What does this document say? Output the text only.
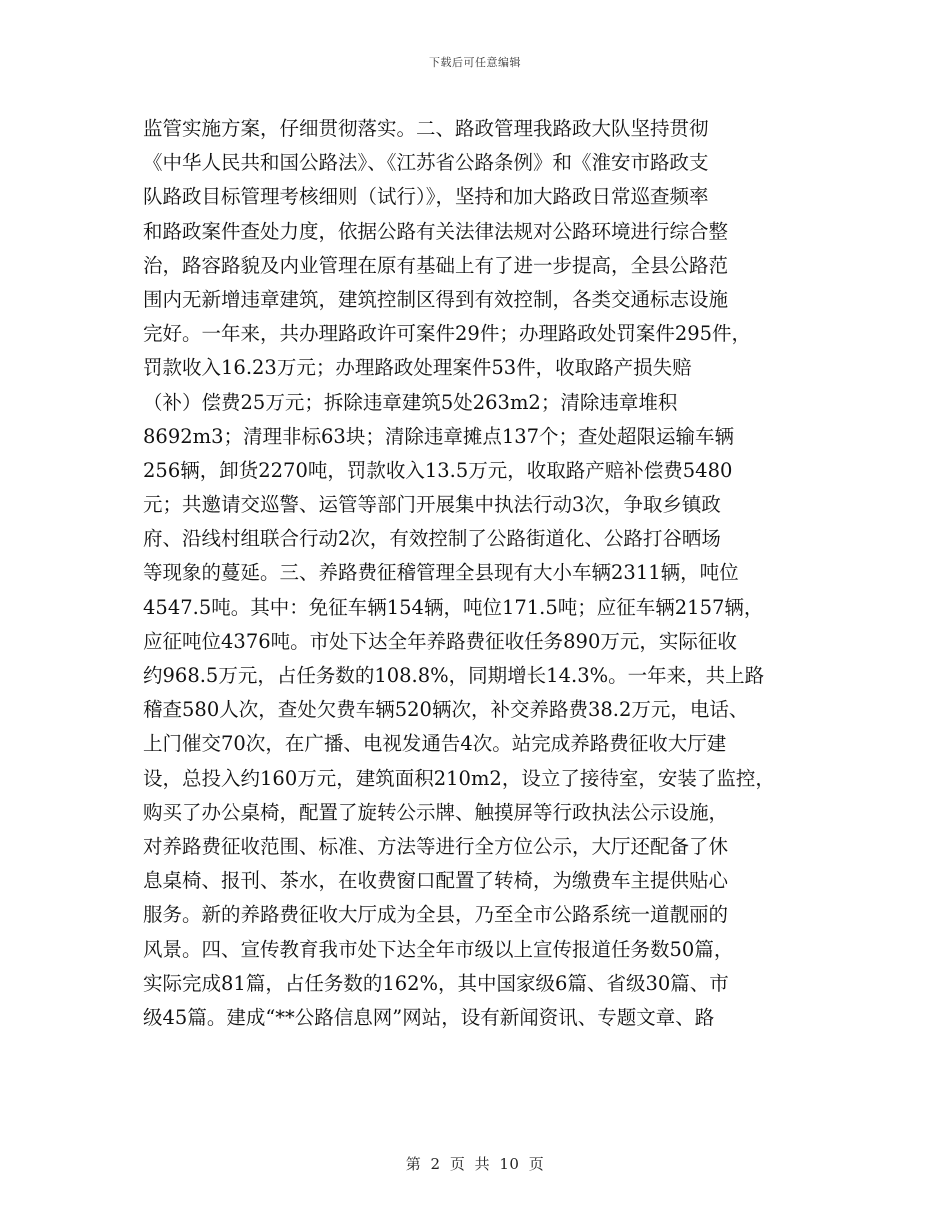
下载后可任意编辑
监管实施方案，仔细贯彻落实。二、路政管理我路政大队坚持贯彻
《中华人民共和国公路法》、《江苏省公路条例》和《淮安市路政支
队路政目标管理考核细则（试行）》，坚持和加大路政日常巡查频率
和路政案件查处力度，依据公路有关法律法规对公路环境进行综合整
治，路容路貌及内业管理在原有基础上有了进一步提高，全县公路范
围内无新增违章建筑，建筑控制区得到有效控制，各类交通标志设施
完好。一年来，共办理路政许可案件29件；办理路政处罚案件295件，
罚款收入16.23万元；办理路政处理案件53件，收取路产损失赔
（补）偿费25万元；拆除违章建筑5处263m2；清除违章堆积
8692m3；清理非标63块；清除违章摊点137个；查处超限运输车辆
256辆，卸货2270吨，罚款收入13.5万元，收取路产赔补偿费5480
元；共邀请交巡警、运管等部门开展集中执法行动3次，争取乡镇政
府、沿线村组联合行动2次，有效控制了公路街道化、公路打谷晒场
等现象的蔓延。三、养路费征稽管理全县现有大小车辆2311辆，吨位
4547.5吨。其中：免征车辆154辆，吨位171.5吨；应征车辆2157辆，
应征吨位4376吨。市处下达全年养路费征收任务890万元，实际征收
约968.5万元，占任务数的108.8%，同期增长14.3%。一年来，共上路
稽查580人次，查处欠费车辆520辆次，补交养路费38.2万元，电话、
上门催交70次，在广播、电视发通告4次。站完成养路费征收大厅建
设，总投入约160万元，建筑面积210m2，设立了接待室，安装了监控，
购买了办公桌椅，配置了旋转公示牌、触摸屏等行政执法公示设施，
对养路费征收范围、标准、方法等进行全方位公示，大厅还配备了休
息桌椅、报刊、茶水，在收费窗口配置了转椅，为缴费车主提供贴心
服务。新的养路费征收大厅成为全县，乃至全市公路系统一道靓丽的
风景。四、宣传教育我市处下达全年市级以上宣传报道任务数50篇，
实际完成81篇，占任务数的162%，其中国家级6篇、省级30篇、市
级45篇。建成“**公路信息网”网站，设有新闻资讯、专题文章、路
第 2 页 共 10 页
